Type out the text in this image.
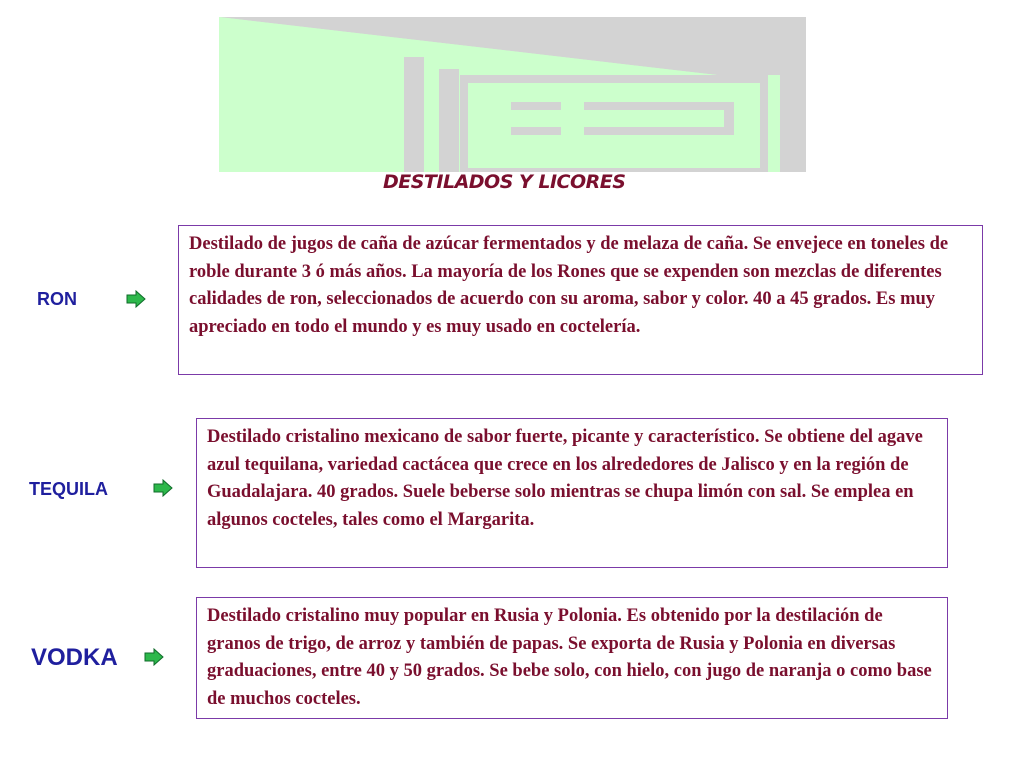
DESTILADOS Y LICORES
RON
Destilado de jugos de caña de azúcar fermentados y de melaza de caña. Se envejece en toneles de roble durante 3 ó más años. La mayoría de los Rones que se expenden son mezclas de diferentes calidades de ron, seleccionados de acuerdo con su aroma, sabor y color. 40 a 45 grados. Es muy apreciado en todo el mundo y es muy usado en coctelería.
TEQUILA
Destilado cristalino mexicano de sabor fuerte, picante y característico. Se obtiene del agave azul tequilana, variedad cactácea que crece en los alrededores de Jalisco y en la región de Guadalajara. 40 grados. Suele beberse solo mientras se chupa limón con sal. Se emplea en algunos cocteles, tales como el Margarita.
VODKA
Destilado cristalino muy popular en Rusia y Polonia. Es obtenido por la destilación de granos de trigo, de arroz y también de papas. Se exporta de Rusia y Polonia en diversas graduaciones, entre 40 y 50 grados. Se bebe solo, con hielo, con jugo de naranja o como base de muchos cocteles.
